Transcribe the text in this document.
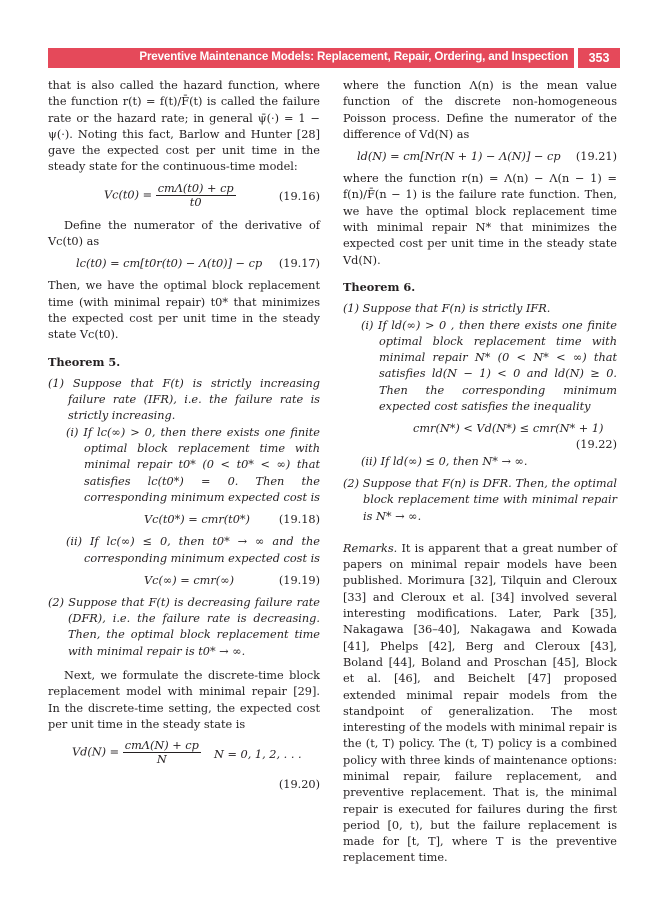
Preventive Maintenance Models: Replacement, Repair, Ordering, and Inspection	353

that is also called the hazard function, where the function r(t) = f(t)/F̄(t) is called the failure rate or the hazard rate; in general ψ̄(·) = 1 − ψ(·). Noting this fact, Barlow and Hunter [28] gave the expected cost per unit time in the steady state for the continuous-time model:

$Vc(t0) = \frac{\text{cmΛ(t0) + cp}}{t0}$	(19.16)

Define the numerator of the derivative of Vc(t0) as

lc(t0) = cm[t0r(t0) − Λ(t0)] − cp (19.17)

Then, we have the optimal block replacement time (with minimal repair) t0* that minimizes the expected cost per unit time in the steady state Vc(t0).

Theorem 5.

(1) Suppose that F(t) is strictly increasing failure rate (IFR), i.e. the failure rate is strictly increasing.

(i) If lc(∞) > 0, then there exists one finite optimal block replacement time with minimal repair t0* (0 < t0* < ∞) that satisfies lc(t0*) = 0. Then the corresponding minimum expected cost is

Vc(t0*) = cmr(t0*)	(19.18)

(ii) If lc(∞) ≤ 0, then t0* → ∞ and the corresponding minimum expected cost is

Vc(∞) = cmr(∞)	(19.19)

(2) Suppose that F(t) is decreasing failure rate (DFR), i.e. the failure rate is decreasing. Then, the optimal block replacement time with minimal repair is t0* → ∞.

Next, we formulate the discrete-time block replacement model with minimal repair [29]. In the discrete-time setting, the expected cost per unit time in the steady state is

$Vd(N) = \frac{\text{cmΛ(N) + cp}}{N}$ N = 0, 1, 2, . . .
(19.20)

where the function Λ(n) is the mean value function of the discrete non-homogeneous Poisson process. Define the numerator of the difference of Vd(N) as

ld(N) = cm[Nr(N + 1) − Λ(N)] − cp (19.21)

where the function r(n) = Λ(n) − Λ(n − 1) = f(n)/F̄(n − 1) is the failure rate function. Then, we have the optimal block replacement time with minimal repair N* that minimizes the expected cost per unit time in the steady state Vd(N).

Theorem 6.

(1) Suppose that F(n) is strictly IFR.

(i) If ld(∞) > 0 , then there exists one finite optimal block replacement time with minimal repair N* (0 < N* < ∞) that satisfies ld(N − 1) < 0 and ld(N) ≥ 0. Then the corresponding minimum expected cost satisfies the inequality

cmr(N*) < Vd(N*) ≤ cmr(N* + 1)
(19.22)

(ii) If ld(∞) ≤ 0, then N* → ∞.

(2) Suppose that F(n) is DFR. Then, the optimal block replacement time with minimal repair is N* → ∞.

Remarks. It is apparent that a great number of papers on minimal repair models have been published. Morimura [32], Tilquin and Cleroux [33] and Cleroux et al. [34] involved several interesting modifications. Later, Park [35], Nakagawa [36–40], Nakagawa and Kowada [41], Phelps [42], Berg and Cleroux [43], Boland [44], Boland and Proschan [45], Block et al. [46], and Beichelt [47] proposed extended minimal repair models from the standpoint of generalization. The most interesting of the models with minimal repair is the (t, T) policy. The (t, T) policy is a combined policy with three kinds of maintenance options: minimal repair, failure replacement, and preventive replacement. That is, the minimal repair is executed for failures during the first period [0, t), but the failure replacement is made for [t, T], where T is the preventive replacement time.
